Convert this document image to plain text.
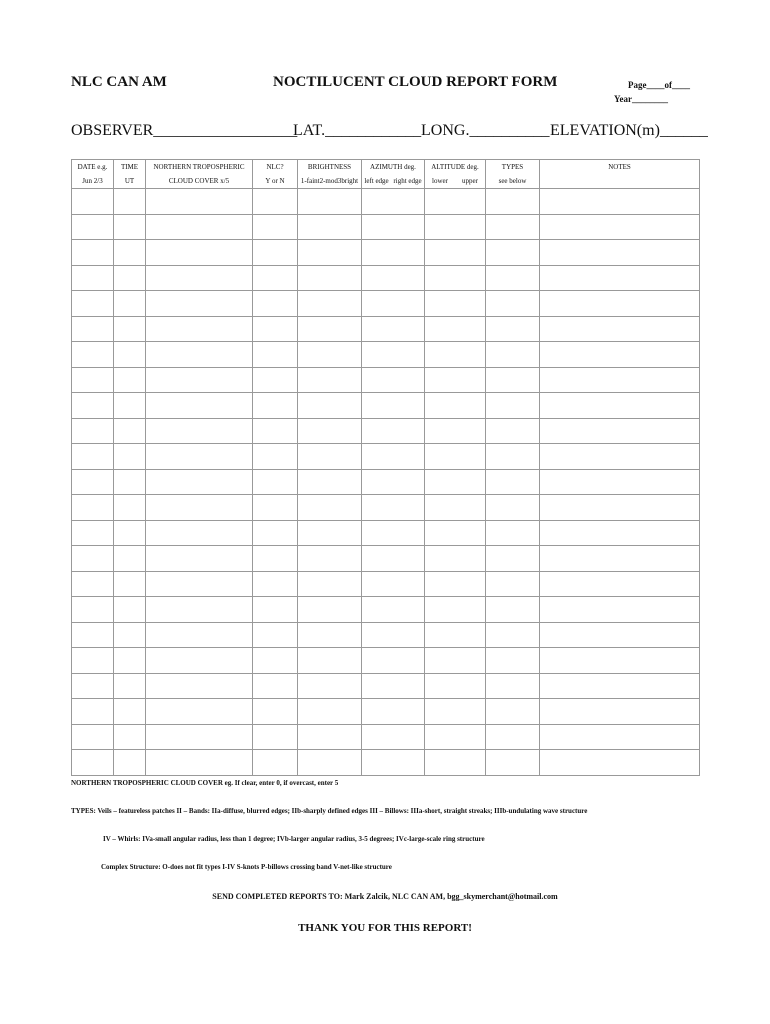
NLC CAN AM	NOCTILUCENT CLOUD REPORT FORM	Page____of____
Year________
OBSERVER__________________
LAT.____________ LONG.__________ ELEVATION(m)______
DATE e.g.	TIME	NORTHERN TROPOSPHERIC	NLC?	BRIGHTNESS	AZIMUTH deg.	ALTITUDE deg.	TYPES	NOTES
Jun 2/3	UT	CLOUD COVER x/5	Y or N	1-faint2-mod3bright	left edge right edge	lower upper	see below	

NORTHERN TROPOSPHERIC CLOUD COVER eg. If clear, enter 0, if overcast, enter 5
TYPES: Veils – featureless patches II – Bands: IIa-diffuse, blurred edges; IIb-sharply defined edges III – Billows: IIIa-short, straight streaks; IIIb-undulating wave structure
IV – Whirls: IVa-small angular radius, less than 1 degree; IVb-larger angular radius, 3-5 degrees; IVc-large-scale ring structure
Complex Structure: O-does not fit types I-IV S-knots P-billows crossing band V-net-like structure
SEND COMPLETED REPORTS TO: Mark Zalcik, NLC CAN AM, bgg_skymerchant@hotmail.com
THANK YOU FOR THIS REPORT!
